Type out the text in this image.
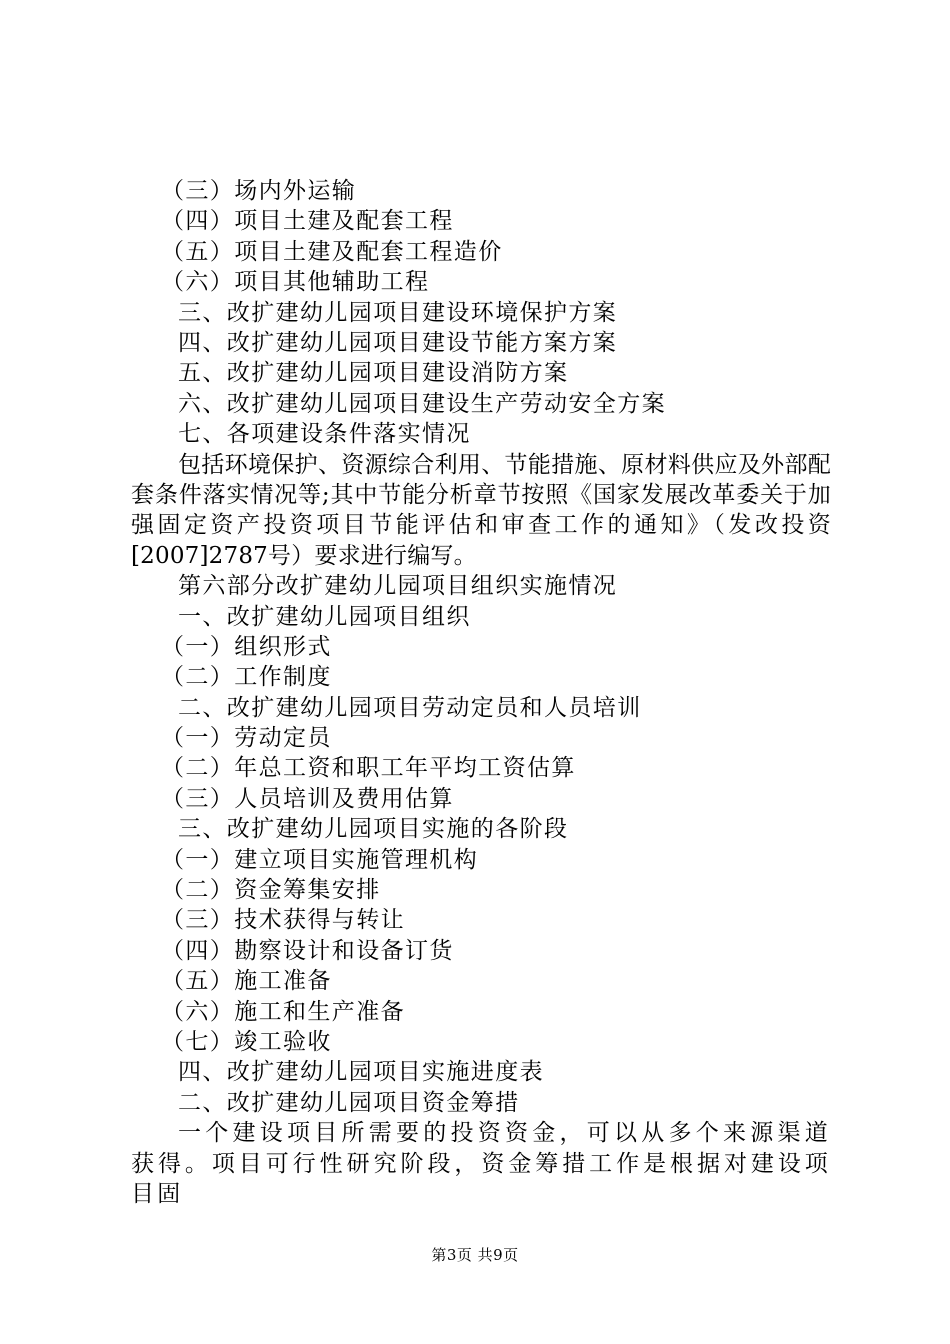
（三）场内外运输
（四）项目土建及配套工程
（五）项目土建及配套工程造价
（六）项目其他辅助工程
三、改扩建幼儿园项目建设环境保护方案
四、改扩建幼儿园项目建设节能方案方案
五、改扩建幼儿园项目建设消防方案
六、改扩建幼儿园项目建设生产劳动安全方案
七、各项建设条件落实情况

包括环境保护、资源综合利用、节能措施、原材料供应及外部配套条件落实情况等;其中节能分析章节按照《国家发展改革委关于加强固定资产投资项目节能评估和审查工作的通知》（发改投资[2007]2787号）要求进行编写。

第六部分改扩建幼儿园项目组织实施情况
一、改扩建幼儿园项目组织
（一）组织形式
（二）工作制度
二、改扩建幼儿园项目劳动定员和人员培训
（一）劳动定员
（二）年总工资和职工年平均工资估算
（三）人员培训及费用估算
三、改扩建幼儿园项目实施的各阶段
（一）建立项目实施管理机构
（二）资金筹集安排
（三）技术获得与转让
（四）勘察设计和设备订货
（五）施工准备
（六）施工和生产准备
（七）竣工验收
四、改扩建幼儿园项目实施进度表
二、改扩建幼儿园项目资金筹措

一个建设项目所需要的投资资金，可以从多个来源渠道获得。项目可行性研究阶段，资金筹措工作是根据对建设项目固

第3页 共9页
